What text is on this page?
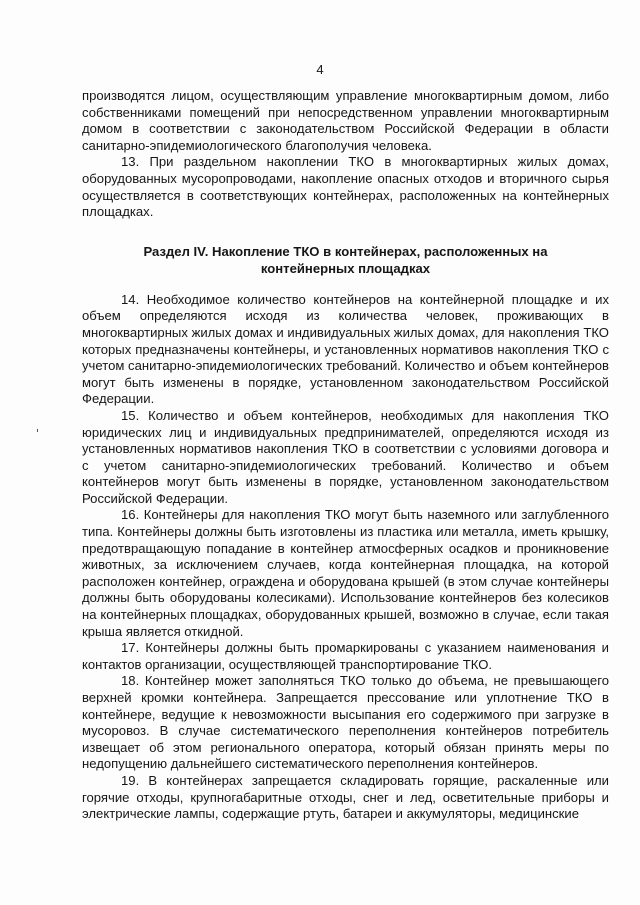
4

производятся лицом, осуществляющим управление многоквартирным домом, либо собственниками помещений при непосредственном управлении многоквартирным домом в соответствии с законодательством Российской Федерации в области санитарно-эпидемиологического благополучия человека.

13. При раздельном накоплении ТКО в многоквартирных жилых домах, оборудованных мусоропроводами, накопление опасных отходов и вторичного сырья осуществляется в соответствующих контейнерах, расположенных на контейнерных площадках.

Раздел IV. Накопление ТКО в контейнерах, расположенных на
контейнерных площадках

14. Необходимое количество контейнеров на контейнерной площадке и их объем определяются исходя из количества человек, проживающих в многоквартирных жилых домах и индивидуальных жилых домах, для накопления ТКО которых предназначены контейнеры, и установленных нормативов накопления ТКО с учетом санитарно-эпидемиологических требований. Количество и объем контейнеров могут быть изменены в порядке, установленном законодательством Российской Федерации.

15. Количество и объем контейнеров, необходимых для накопления ТКО юридических лиц и индивидуальных предпринимателей, определяются исходя из установленных нормативов накопления ТКО в соответствии с условиями договора и с учетом санитарно-эпидемиологических требований. Количество и объем контейнеров могут быть изменены в порядке, установленном законодательством Российской Федерации.

16. Контейнеры для накопления ТКО могут быть наземного или заглубленного типа. Контейнеры должны быть изготовлены из пластика или металла, иметь крышку, предотвращающую попадание в контейнер атмосферных осадков и проникновение животных, за исключением случаев, когда контейнерная площадка, на которой расположен контейнер, ограждена и оборудована крышей (в этом случае контейнеры должны быть оборудованы колесиками). Использование контейнеров без колесиков на контейнерных площадках, оборудованных крышей, возможно в случае, если такая крыша является откидной.

17. Контейнеры должны быть промаркированы с указанием наименования и контактов организации, осуществляющей транспортирование ТКО.

18. Контейнер может заполняться ТКО только до объема, не превышающего верхней кромки контейнера. Запрещается прессование или уплотнение ТКО в контейнере, ведущие к невозможности высыпания его содержимого при загрузке в мусоровоз. В случае систематического переполнения контейнеров потребитель извещает об этом регионального оператора, который обязан принять меры по недопущению дальнейшего систематического переполнения контейнеров.

19. В контейнерах запрещается складировать горящие, раскаленные или горячие отходы, крупногабаритные отходы, снег и лед, осветительные приборы и электрические лампы, содержащие ртуть, батареи и аккумуляторы, медицинские
